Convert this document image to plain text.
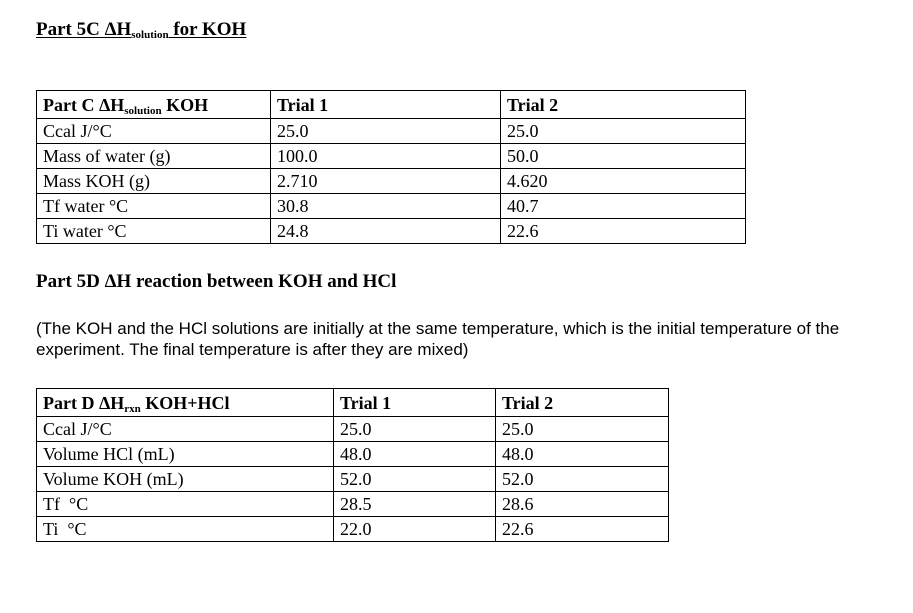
Part 5C $\Delta H_{solution}$ for KOH
Part C $\Delta H_{solution}$ KOH	Trial 1	Trial 2
Ccal J/°C	25.0	25.0
Mass of water (g)	100.0	50.0
Mass KOH (g)	2.710	4.620
Tf water °C	30.8	40.7
Ti water °C	24.8	22.6
Part 5D ΔH reaction between KOH and HCl
(The KOH and the HCl solutions are initially at the same temperature, which is the initial temperature of the experiment. The final temperature is after they are mixed)
Part D $\Delta H_{rxn}$ KOH+HCl	Trial 1	Trial 2
Ccal J/°C	25.0	25.0
Volume HCl (mL)	48.0	48.0
Volume KOH (mL)	52.0	52.0
Tf  °C	28.5	28.6
Ti  °C	22.0	22.6
